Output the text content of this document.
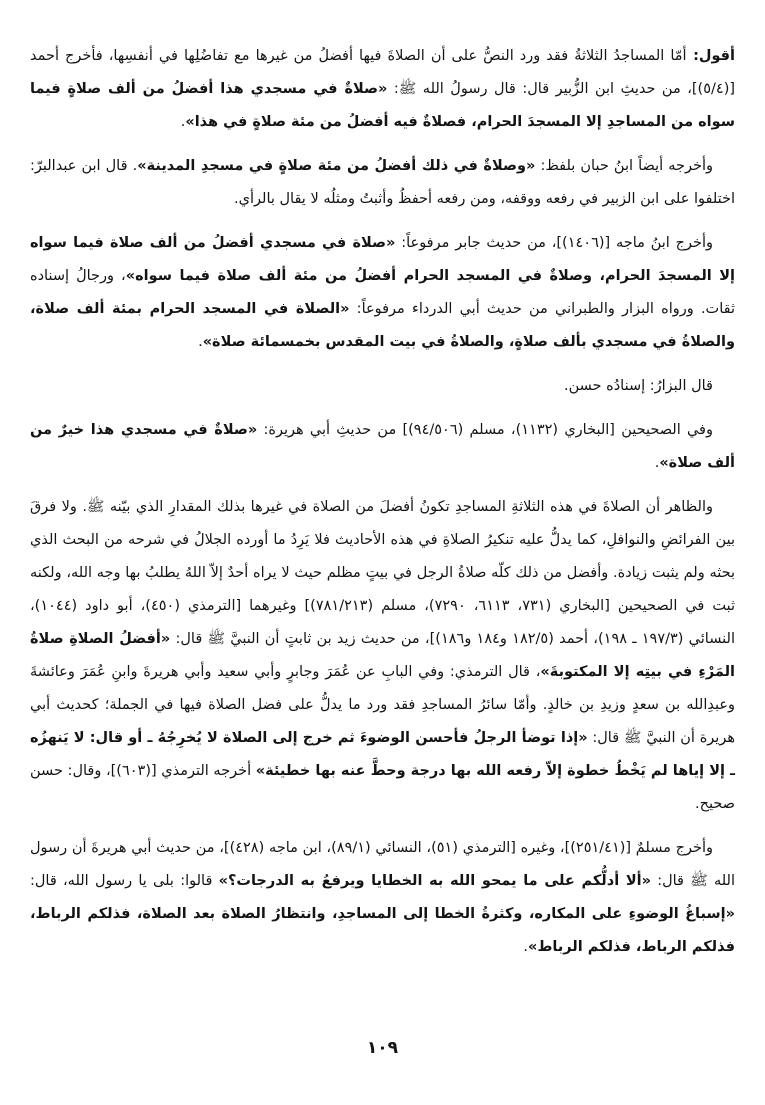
أقول: أمّا المساجدُ الثلاثةُ فقد ورد النصُّ على أن الصلاةَ فيها أفضلُ من غيرها مع تفاضُلِها في أنفسِها، فأخرج أحمد [(٥/٤)]، من حديثِ ابن الزُّبير قال: قال رسولُ الله ﷺ: «صلاةٌ في مسجدي هذا أفضلُ من ألف صلاةٍ فيما سواه من المساجدِ إلا المسجدَ الحرام، فصلاةٌ فيه أفضلُ من مئة صلاةٍ في هذا».

وأخرجه أيضاً ابنُ حبان بلفظ: «وصلاةٌ في ذلك أفضلُ من مئة صلاةٍ في مسجدِ المدينة». قال ابن عبدالبرّ: اختلفوا على ابن الزبير في رفعه ووقفه، ومن رفعه أحفظُ وأثبتُ ومثلُه لا يقال بالرأي.

وأخرج ابنُ ماجه [(١٤٠٦)]، من حديث جابر مرفوعاً: «صلاة في مسجدي أفضلُ من ألف صلاة فيما سواه إلا المسجدَ الحرام، وصلاةٌ في المسجد الحرام أفضلُ من مئة ألف صلاة فيما سواه»، ورجالُ إسناده ثقات. ورواه البزار والطبراني من حديث أبي الدرداء مرفوعاً: «الصلاة في المسجد الحرام بمئة ألف صلاة، والصلاةُ في مسجدي بألف صلاةٍ، والصلاةُ في بيت المقدس بخمسمائة صلاة».

قال البزارُ: إسنادُه حسن.

وفي الصحيحين [البخاري (١١٣٢)، مسلم (٩٤/٥٠٦)] من حديثِ أبي هريرة: «صلاةٌ في مسجدي هذا خيرٌ من ألف صلاة».

والظاهر أن الصلاةَ في هذه الثلاثةِ المساجدِ تكونُ أفضلَ من الصلاة في غيرها بذلك المقدارِ الذي بيّنه ﷺ. ولا فرقَ بين الفرائضِ والنوافلِ، كما يدلُّ عليه تنكيرُ الصلاةِ في هذه الأحاديث فلا يَرِدُ ما أورده الجلالُ في شرحه من البحث الذي بحثه ولم يثبت زيادة. وأفضل من ذلك كلّه صلاةُ الرجل في بيتٍ مظلم حيث لا يراه أحدٌ إلاّ اللهُ يطلبُ بها وجه الله، ولكنه ثبت في الصحيحين [البخاري (٧٣١، ٦١١٣، ٧٢٩٠)، مسلم (٧٨١/٢١٣)] وغيرهما [الترمذي (٤٥٠)، أبو داود (١٠٤٤)، النسائي (١٩٧/٣ ـ ١٩٨)، أحمد (١٨٢/٥ و١٨٤ و١٨٦)]، من حديث زيد بن ثابتٍ أن النبيَّ ﷺ قال: «أفضلُ الصلاةِ صلاةُ المَرْءِ في بيتِه إلا المكتوبةَ»، قال الترمذي: وفي البابِ عن عُمَرَ وجابرٍ وأبي سعيد وأبي هريرةَ وابنِ عُمَرَ وعائشةَ وعبدِالله بن سعدٍ وزيدِ بن خالدٍ. وأمّا سائرُ المساجدِ فقد ورد ما يدلُّ على فضل الصلاة فيها في الجملة؛ كحديث أبي هريرة أن النبيَّ ﷺ قال: «إذا توضأ الرجلُ فأحسن الوضوءَ ثم خرج إلى الصلاة لا يُخرِجُهُ ـ أو قال: لا يَنهزُه ـ إلا إياها لم يَخْطُ خطوة إلاّ رفعه الله بها درجة وحطَّ عنه بها خطيئة» أخرجه الترمذي [(٦٠٣)]، وقال: حسن صحيح.

وأخرج مسلمٌ [(٢٥١/٤١)]، وغيره [الترمذي (٥١)، النسائي (٨٩/١)، ابن ماجه (٤٢٨)]، من حديث أبي هريرةَ أن رسول الله ﷺ قال: «ألا أدلُّكم على ما يمحو الله به الخطايا ويرفعُ به الدرجات؟» قالوا: بلى يا رسول الله، قال: «إسباغُ الوضوءِ على المكاره، وكثرةُ الخطا إلى المساجدِ، وانتظارُ الصلاة بعد الصلاة، فذلكم الرباط، فذلكم الرباط، فذلكم الرباط».

١٠٩
